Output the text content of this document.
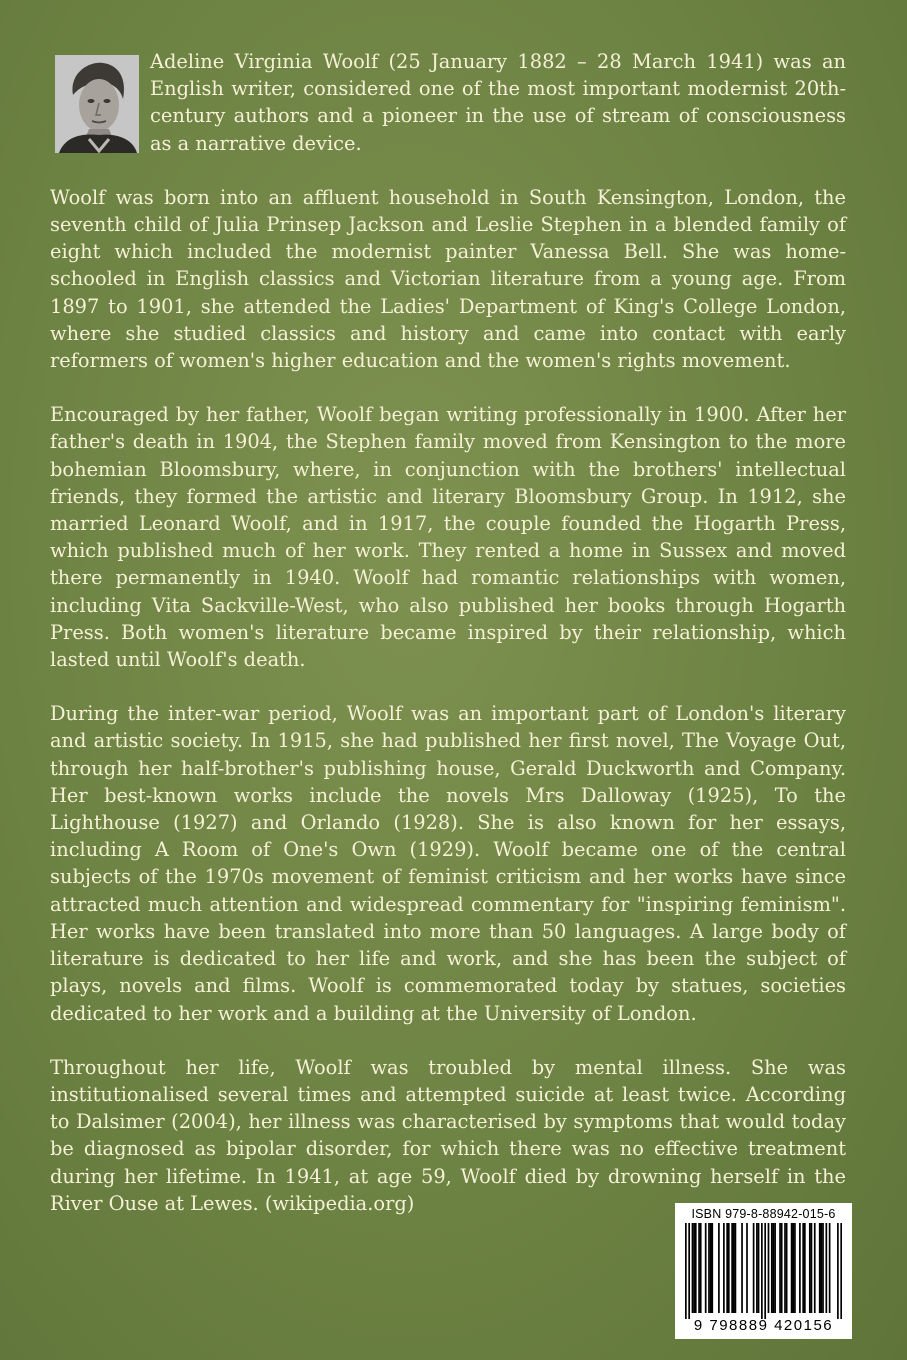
Adeline Virginia Woolf (25 January 1882 – 28 March 1941) was an English writer, considered one of the most important modernist 20th-century authors and a pioneer in the use of stream of consciousness as a narrative device.

Woolf was born into an affluent household in South Kensington, London, the seventh child of Julia Prinsep Jackson and Leslie Stephen in a blended family of eight which included the modernist painter Vanessa Bell. She was home-schooled in English classics and Victorian literature from a young age. From 1897 to 1901, she attended the Ladies' Department of King's College London, where she studied classics and history and came into contact with early reformers of women's higher education and the women's rights movement.

Encouraged by her father, Woolf began writing professionally in 1900. After her father's death in 1904, the Stephen family moved from Kensington to the more bohemian Bloomsbury, where, in conjunction with the brothers' intellectual friends, they formed the artistic and literary Bloomsbury Group. In 1912, she married Leonard Woolf, and in 1917, the couple founded the Hogarth Press, which published much of her work. They rented a home in Sussex and moved there permanently in 1940. Woolf had romantic relationships with women, including Vita Sackville-West, who also published her books through Hogarth Press. Both women's literature became inspired by their relationship, which lasted until Woolf's death.

During the inter-war period, Woolf was an important part of London's literary and artistic society. In 1915, she had published her first novel, The Voyage Out, through her half-brother's publishing house, Gerald Duckworth and Company. Her best-known works include the novels Mrs Dalloway (1925), To the Lighthouse (1927) and Orlando (1928). She is also known for her essays, including A Room of One's Own (1929). Woolf became one of the central subjects of the 1970s movement of feminist criticism and her works have since attracted much attention and widespread commentary for "inspiring feminism". Her works have been translated into more than 50 languages. A large body of literature is dedicated to her life and work, and she has been the subject of plays, novels and films. Woolf is commemorated today by statues, societies dedicated to her work and a building at the University of London.

Throughout her life, Woolf was troubled by mental illness. She was institutionalised several times and attempted suicide at least twice. According to Dalsimer (2004), her illness was characterised by symptoms that would today be diagnosed as bipolar disorder, for which there was no effective treatment during her lifetime. In 1941, at age 59, Woolf died by drowning herself in the River Ouse at Lewes. (wikipedia.org)	ISBN 979-8-88942-015-6
9 798889 420156
